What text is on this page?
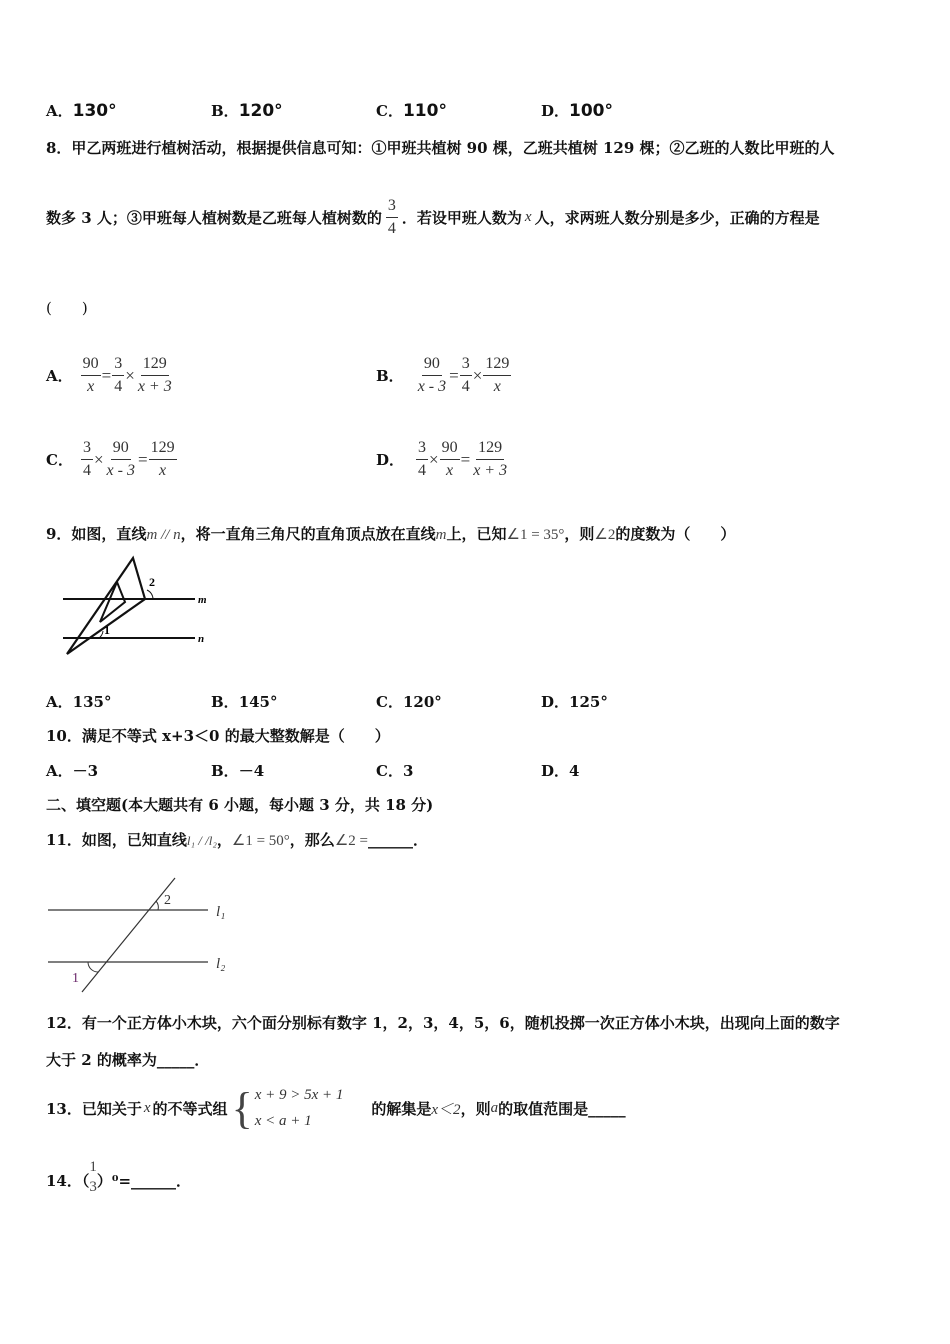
A．130°	B．120°	C．110°	D．100°
8．甲乙两班进行植树活动，根据提供信息可知：①甲班共植树 90 棵，乙班共植树 129 棵；②乙班的人数比甲班的人
数多 3 人；③甲班每人植树数是乙班每人植树数的 $\frac{3}{4}$ ．若设甲班人数为 x 人，求两班人数分别是多少，正确的方程是
(　　)
A． $\frac{90}{x} = \frac{3}{4} \times \frac{129}{x + 3}$	B． $\frac{90}{x - 3} = \frac{3}{4} \times \frac{129}{x}$
C． $\frac{3}{4} \times \frac{90}{x - 3} = \frac{129}{x}$	D． $\frac{3}{4} \times \frac{90}{x} = \frac{129}{x + 3}$
9．如图，直线m // n，将一直角三角尺的直角顶点放在直线m上，已知∠1 = 35°，则∠2的度数为（　　）
2
1
m
n
A．135°	B．145°	C．120°	D．125°
10．满足不等式 x+3＜0 的最大整数解是（　　）
A．－3	B．－4	C．3	D．4
二、填空题(本大题共有 6 小题，每小题 3 分，共 18 分)
11．如图，已知直线l₁ / /l₂，∠1 = 50°，那么∠2 =______．
2
1
l₁
l₂
12．有一个正方体小木块，六个面分别标有数字 1，2，3，4，5，6，随机投掷一次正方体小木块，出现向上面的数字
大于 2 的概率为_____．
13．已知关于 x 的不等式组 { x + 9 > 5x + 1
x < a + 1
的解集是 x＜2 ，则 a 的取值范围是_____
14．（
1
3 ）⁰=______．
